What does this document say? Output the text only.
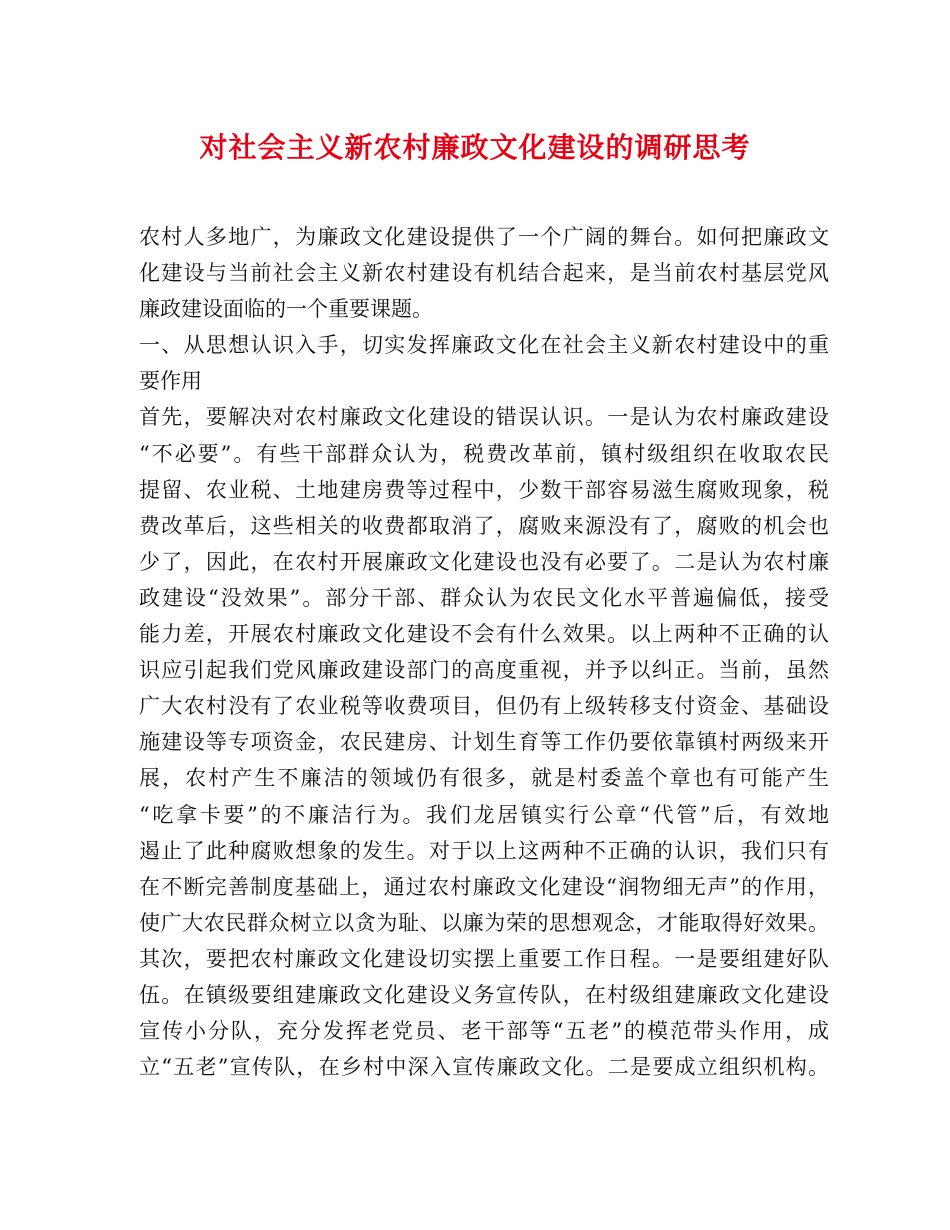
对社会主义新农村廉政文化建设的调研思考
农村人多地广，为廉政文化建设提供了一个广阔的舞台。如何把廉政文
化建设与当前社会主义新农村建设有机结合起来，是当前农村基层党风
廉政建设面临的一个重要课题。
一、从思想认识入手，切实发挥廉政文化在社会主义新农村建设中的重
要作用
首先，要解决对农村廉政文化建设的错误认识。一是认为农村廉政建设
“不必要”。有些干部群众认为，税费改革前，镇村级组织在收取农民
提留、农业税、土地建房费等过程中，少数干部容易滋生腐败现象，税
费改革后，这些相关的收费都取消了，腐败来源没有了，腐败的机会也
少了，因此，在农村开展廉政文化建设也没有必要了。二是认为农村廉
政建设“没效果”。部分干部、群众认为农民文化水平普遍偏低，接受
能力差，开展农村廉政文化建设不会有什么效果。以上两种不正确的认
识应引起我们党风廉政建设部门的高度重视，并予以纠正。当前，虽然
广大农村没有了农业税等收费项目，但仍有上级转移支付资金、基础设
施建设等专项资金，农民建房、计划生育等工作仍要依靠镇村两级来开
展，农村产生不廉洁的领域仍有很多，就是村委盖个章也有可能产生
“吃拿卡要”的不廉洁行为。我们龙居镇实行公章“代管”后，有效地
遏止了此种腐败想象的发生。对于以上这两种不正确的认识，我们只有
在不断完善制度基础上，通过农村廉政文化建设“润物细无声”的作用，
使广大农民群众树立以贪为耻、以廉为荣的思想观念，才能取得好效果。
其次，要把农村廉政文化建设切实摆上重要工作日程。一是要组建好队
伍。在镇级要组建廉政文化建设义务宣传队，在村级组建廉政文化建设
宣传小分队，充分发挥老党员、老干部等“五老”的模范带头作用，成
立“五老”宣传队，在乡村中深入宣传廉政文化。二是要成立组织机构。
